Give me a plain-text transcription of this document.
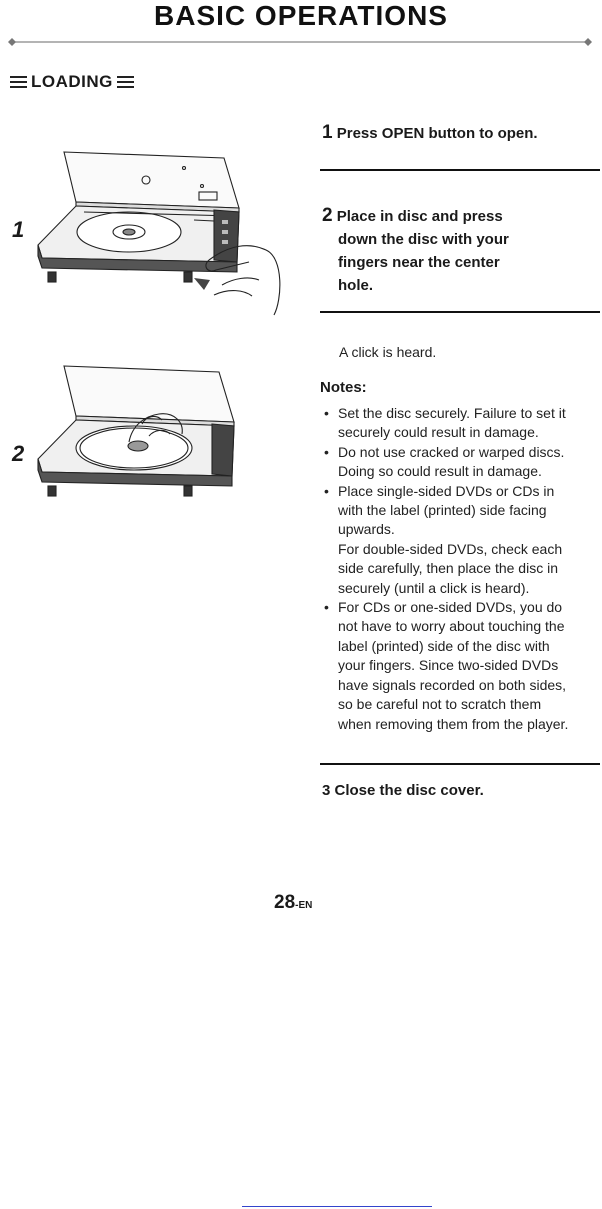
BASIC OPERATIONS
LOADING
1
2
1 Press OPEN button to open.
2 Place in disc and press
down the disc with your
fingers near the center
hole.
A click is heard.
Notes:
• Set the disc securely. Failure to set it
securely could result in damage.
• Do not use cracked or warped discs.
Doing so could result in damage.
• Place single-sided DVDs or CDs in
with the label (printed) side facing
upwards.
For double-sided DVDs, check each
side carefully, then place the disc in
securely (until a click is heard).
• For CDs or one-sided DVDs, you do
not have to worry about touching the
label (printed) side of the disc with
your fingers. Since two-sided DVDs
have signals recorded on both sides,
so be careful not to scratch them
when removing them from the player.
3 Close the disc cover.
28-EN
